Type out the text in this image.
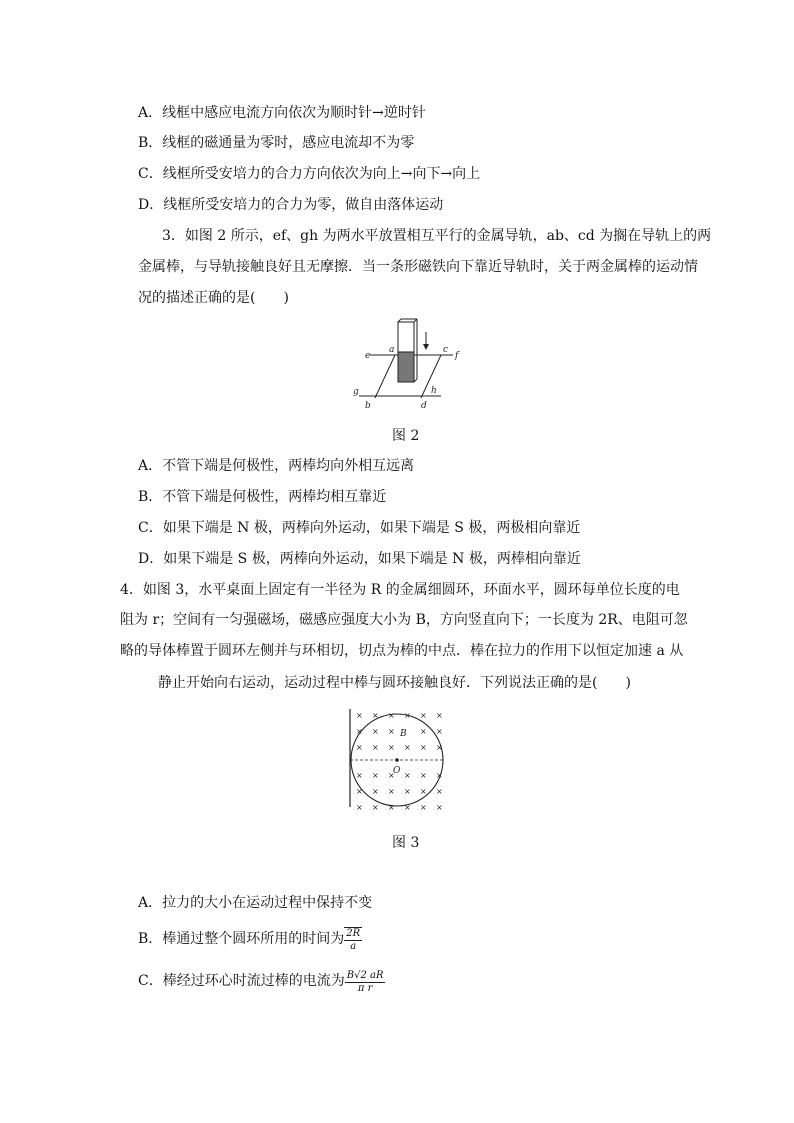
A．线框中感应电流方向依次为顺时针→逆时针
B．线框的磁通量为零时，感应电流却不为零
C．线框所受安培力的合力方向依次为向上→向下→向上
D．线框所受安培力的合力为零，做自由落体运动
3．如图 2 所示，ef、gh 为两水平放置相互平行的金属导轨，ab、cd 为搁在导轨上的两
金属棒，与导轨接触良好且无摩擦．当一条形磁铁向下靠近导轨时，关于两金属棒的运动情
况的描述正确的是(　　)
a
e
c
f
g	h
b	d
图 2
A．不管下端是何极性，两棒均向外相互远离
B．不管下端是何极性，两棒均相互靠近
C．如果下端是 N 极，两棒向外运动，如果下端是 S 极，两极相向靠近
D．如果下端是 S 极，两棒向外运动，如果下端是 N 极，两棒相向靠近
4．如图 3，水平桌面上固定有一半径为 R 的金属细圆环，环面水平，圆环每单位长度的电
阻为 r；空间有一匀强磁场，磁感应强度大小为 B，方向竖直向下；一长度为 2R、电阻可忽
略的导体棒置于圆环左侧并与环相切，切点为棒的中点．棒在拉力的作用下以恒定加速 a 从
静止开始向右运动，运动过程中棒与圆环接触良好．下列说法正确的是(　　)
× × × × × ×
× × ×	× ×
× × × × × ×
× × × × × ×
× × × × × ×
× × × × × ×
B
O
图 3
A．拉力的大小在运动过程中保持不变
B．棒通过整个圆环所用的时间为 $\frac{2R}{a}$
C．棒经过环心时流过棒的电流为 $\frac{B√2 aR}{\text{π r}}$
